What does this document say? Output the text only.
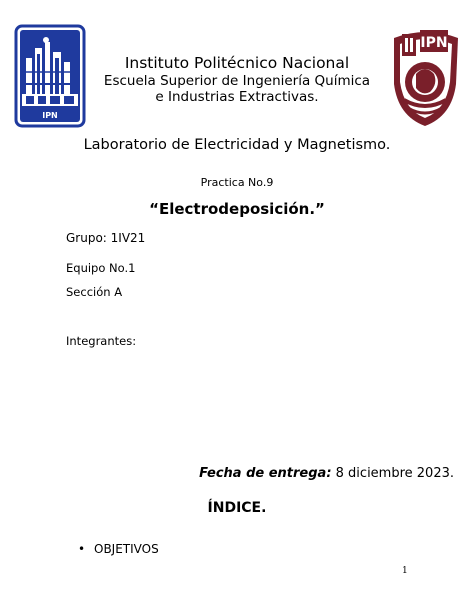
IPN
IPN
Instituto Politécnico Nacional
Escuela Superior de Ingeniería Química
e Industrias Extractivas.
Laboratorio de Electricidad y Magnetismo.
Practica No.9
“Electrodeposición.”
Grupo: 1IV21
Equipo No.1
Sección A
Integrantes:
Fecha de entrega: 8 diciembre 2023.
ÍNDICE.
• OBJETIVOS
1
